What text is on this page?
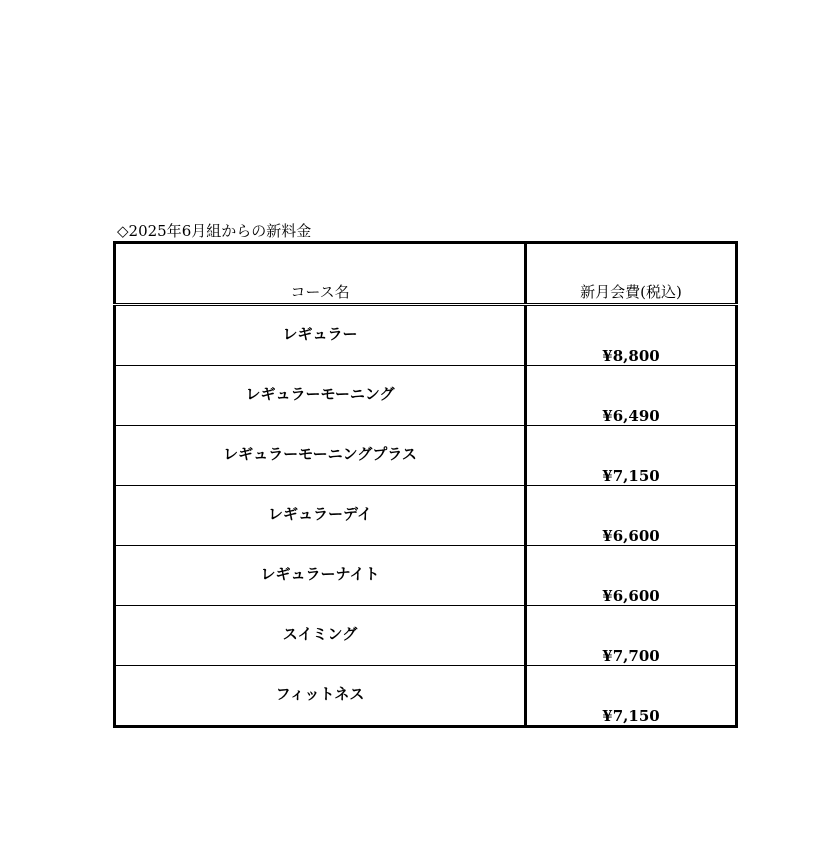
◇2025年6月組からの新料金
コース名	新月会費(税込)
レギュラー	¥8,800
レギュラーモーニング	¥6,490
レギュラーモーニングプラス	¥7,150
レギュラーデイ	¥6,600
レギュラーナイト	¥6,600
スイミング	¥7,700
フィットネス	¥7,150
